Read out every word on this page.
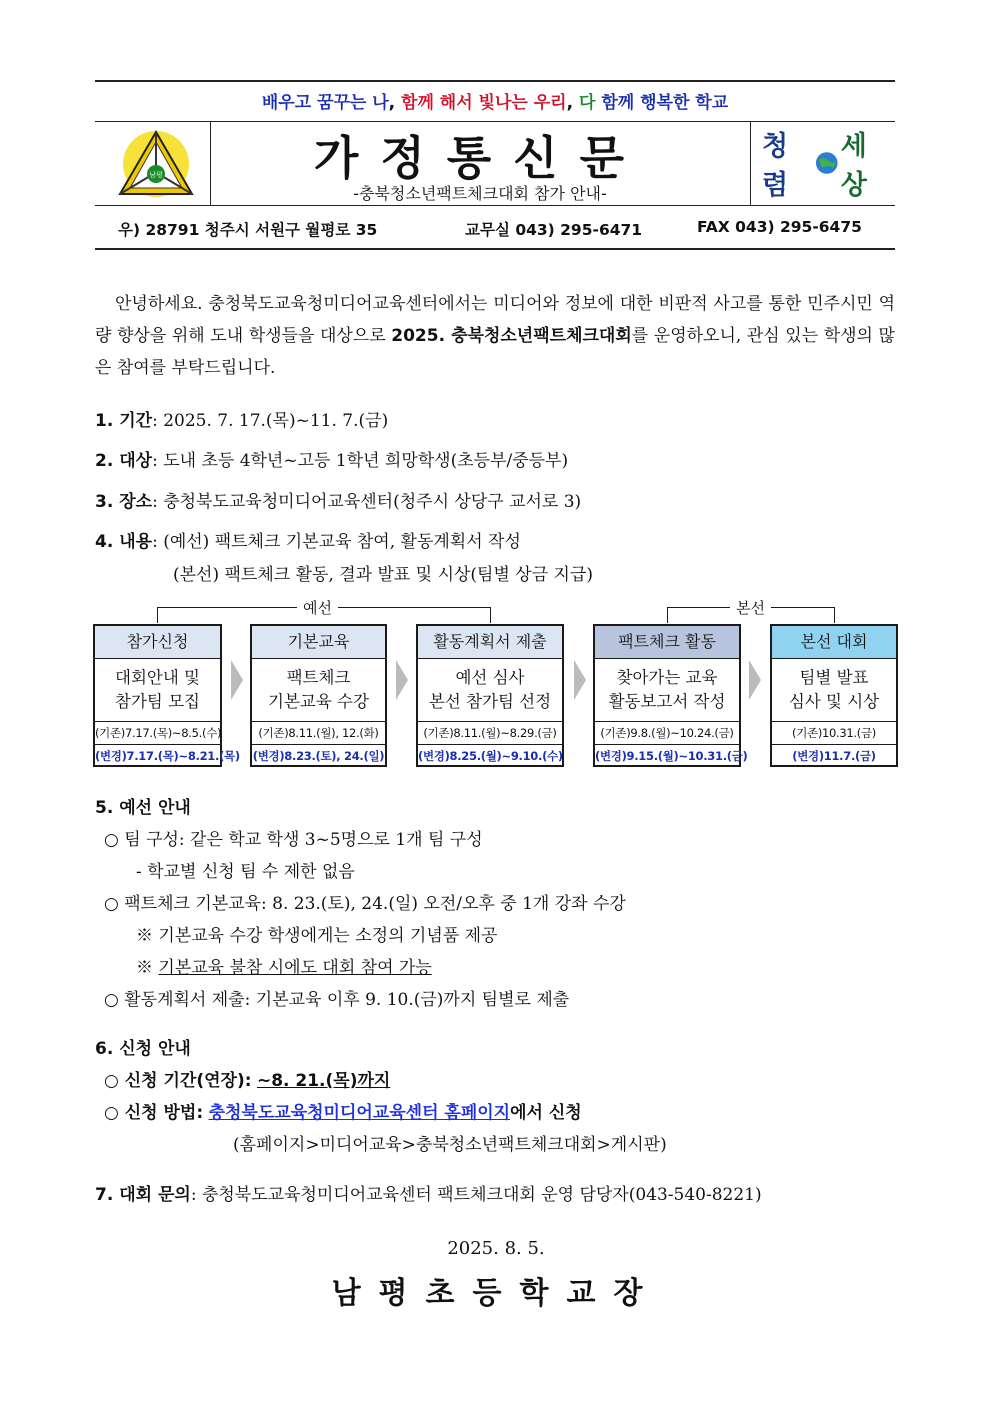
배우고 꿈꾸는 나, 함께 해서 빛나는 우리, 다 함께 행복한 학교
남평	가정통신문
-충북청소년팩트체크대회 참가 안내-
청렴
세상
우) 28791 청주시 서원구 월평로 35	교무실 043) 295-6471	FAX 043) 295-6475
안녕하세요. 충청북도교육청미디어교육센터에서는 미디어와 정보에 대한 비판적 사고를 통한 민주시민 역량 향상을 위해 도내 학생들을 대상으로 2025. 충북청소년팩트체크대회를 운영하오니, 관심 있는 학생의 많은 참여를 부탁드립니다.
1. 기간: 2025. 7. 17.(목)~11. 7.(금)
2. 대상: 도내 초등 4학년~고등 1학년 희망학생(초등부/중등부)
3. 장소: 충청북도교육청미디어교육센터(청주시 상당구 교서로 3)
4. 내용: (예선) 팩트체크 기본교육 참여, 활동계획서 작성
(본선) 팩트체크 활동, 결과 발표 및 시상(팀별 상금 지급)
예선	본선
참가신청
대회안내 및
참가팀 모집
(기존)7.17.(목)~8.5.(수)
(변경)7.17.(목)~8.21.(목)
기본교육
팩트체크
기본교육 수강
(기존)8.11.(월), 12.(화)
(변경)8.23.(토), 24.(일)
활동계획서 제출
예선 심사
본선 참가팀 선정
(기존)8.11.(월)~8.29.(금)
(변경)8.25.(월)~9.10.(수)
팩트체크 활동
찾아가는 교육
활동보고서 작성
(기존)9.8.(월)~10.24.(금)
(변경)9.15.(월)~10.31.(금)
본선 대회
팀별 발표
심사 및 시상
(기존)10.31.(금)
(변경)11.7.(금)
5. 예선 안내
○ 팀 구성: 같은 학교 학생 3~5명으로 1개 팀 구성
- 학교별 신청 팀 수 제한 없음
○ 팩트체크 기본교육: 8. 23.(토), 24.(일) 오전/오후 중 1개 강좌 수강
※ 기본교육 수강 학생에게는 소정의 기념품 제공
※ 기본교육 불참 시에도 대회 참여 가능
○ 활동계획서 제출: 기본교육 이후 9. 10.(금)까지 팀별로 제출
6. 신청 안내
○ 신청 기간(연장): ~8. 21.(목)까지
○ 신청 방법: 충청북도교육청미디어교육센터 홈페이지에서 신청
(홈페이지>미디어교육>충북청소년팩트체크대회>게시판)
7. 대회 문의: 충청북도교육청미디어교육센터 팩트체크대회 운영 담당자(043-540-8221)
2025. 8. 5.
남평초등학교장
